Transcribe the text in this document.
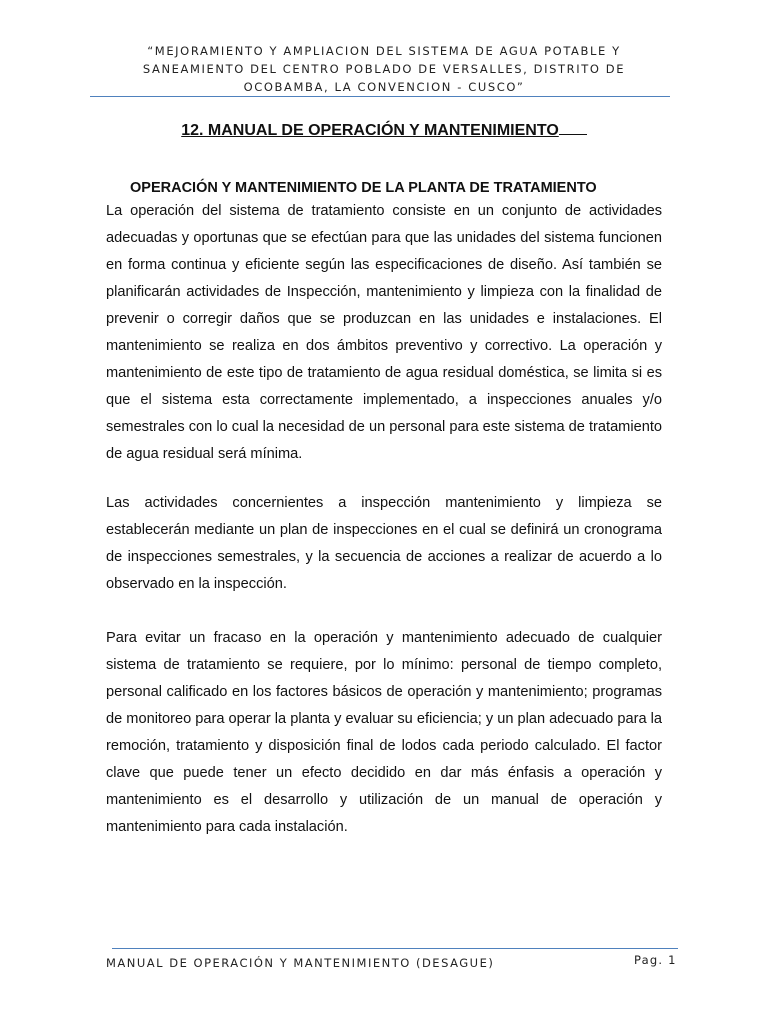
“MEJORAMIENTO Y AMPLIACION DEL SISTEMA DE AGUA POTABLE Y
SANEAMIENTO DEL CENTRO POBLADO DE VERSALLES, DISTRITO DE
OCOBAMBA, LA CONVENCION - CUSCO”
12. MANUAL DE OPERACIÓN Y MANTENIMIENTO
OPERACIÓN Y MANTENIMIENTO DE LA PLANTA DE TRATAMIENTO

La operación del sistema de tratamiento consiste en un conjunto de actividades adecuadas y oportunas que se efectúan para que las unidades del sistema funcionen en forma continua y eficiente según las especificaciones de diseño. Así también se planificarán actividades de Inspección, mantenimiento y limpieza con la finalidad de prevenir o corregir daños que se produzcan en las unidades e instalaciones. El mantenimiento se realiza en dos ámbitos preventivo y correctivo. La operación y mantenimiento de este tipo de tratamiento de agua residual doméstica, se limita si es que el sistema esta correctamente implementado, a inspecciones anuales y/o semestrales con lo cual la necesidad de un personal para este sistema de tratamiento de agua residual será mínima.

Las actividades concernientes a inspección mantenimiento y limpieza se establecerán mediante un plan de inspecciones en el cual se definirá un cronograma de inspecciones semestrales, y la secuencia de acciones a realizar de acuerdo a lo observado en la inspección.

Para evitar un fracaso en la operación y mantenimiento adecuado de cualquier sistema de tratamiento se requiere, por lo mínimo: personal de tiempo completo, personal calificado en los factores básicos de operación y mantenimiento; programas de monitoreo para operar la planta y evaluar su eficiencia; y un plan adecuado para la remoción, tratamiento y disposición final de lodos cada periodo calculado. El factor clave que puede tener un efecto decidido en dar más énfasis a operación y mantenimiento es el desarrollo y utilización de un manual de operación y mantenimiento para cada instalación.

MANUAL DE OPERACIÓN Y MANTENIMIENTO (DESAGUE)	Pag. 1
